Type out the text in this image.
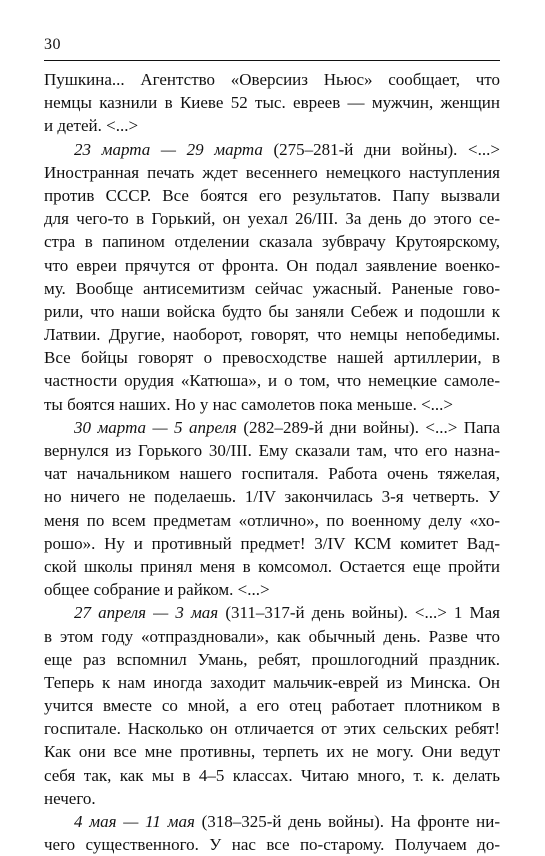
30
Пушкина... Агентство «Оверсииз Ньюс» сообщает, что
немцы казнили в Киеве 52 тыс. евреев — мужчин, женщин
и детей. <...>
23 марта — 29 марта (275–281-й дни войны). <...>
Иностранная печать ждет весеннего немецкого наступления
против СССР. Все боятся его результатов. Папу вызвали
для чего-то в Горький, он уехал 26/III. За день до этого се-
стра в папином отделении сказала зубврачу Крутоярскому,
что евреи прячутся от фронта. Он подал заявление военко-
му. Вообще антисемитизм сейчас ужасный. Раненые гово-
рили, что наши войска будто бы заняли Себеж и подошли к
Латвии. Другие, наоборот, говорят, что немцы непобедимы.
Все бойцы говорят о превосходстве нашей артиллерии, в
частности орудия «Катюша», и о том, что немецкие самоле-
ты боятся наших. Но у нас самолетов пока меньше. <...>
30 марта — 5 апреля (282–289-й дни войны). <...> Папа
вернулся из Горького 30/III. Ему сказали там, что его назна-
чат начальником нашего госпиталя. Работа очень тяжелая,
но ничего не поделаешь. 1/IV закончилась 3-я четверть. У
меня по всем предметам «отлично», по военному делу «хо-
рошо». Ну и противный предмет! 3/IV КСМ комитет Вад-
ской школы принял меня в комсомол. Остается еще пройти
общее собрание и райком. <...>
27 апреля — 3 мая (311–317-й день войны). <...> 1 Мая
в этом году «отпраздновали», как обычный день. Разве что
еще раз вспомнил Умань, ребят, прошлогодний праздник.
Теперь к нам иногда заходит мальчик-еврей из Минска. Он
учится вместе со мной, а его отец работает плотником в
госпитале. Насколько он отличается от этих сельских ребят!
Как они все мне противны, терпеть их не могу. Они ведут
себя так, как мы в 4–5 классах. Читаю много, т. к. делать
нечего.
4 мая — 11 мая (318–325-й день войны). На фронте ни-
чего существенного. У нас все по-старому. Получаем до-
